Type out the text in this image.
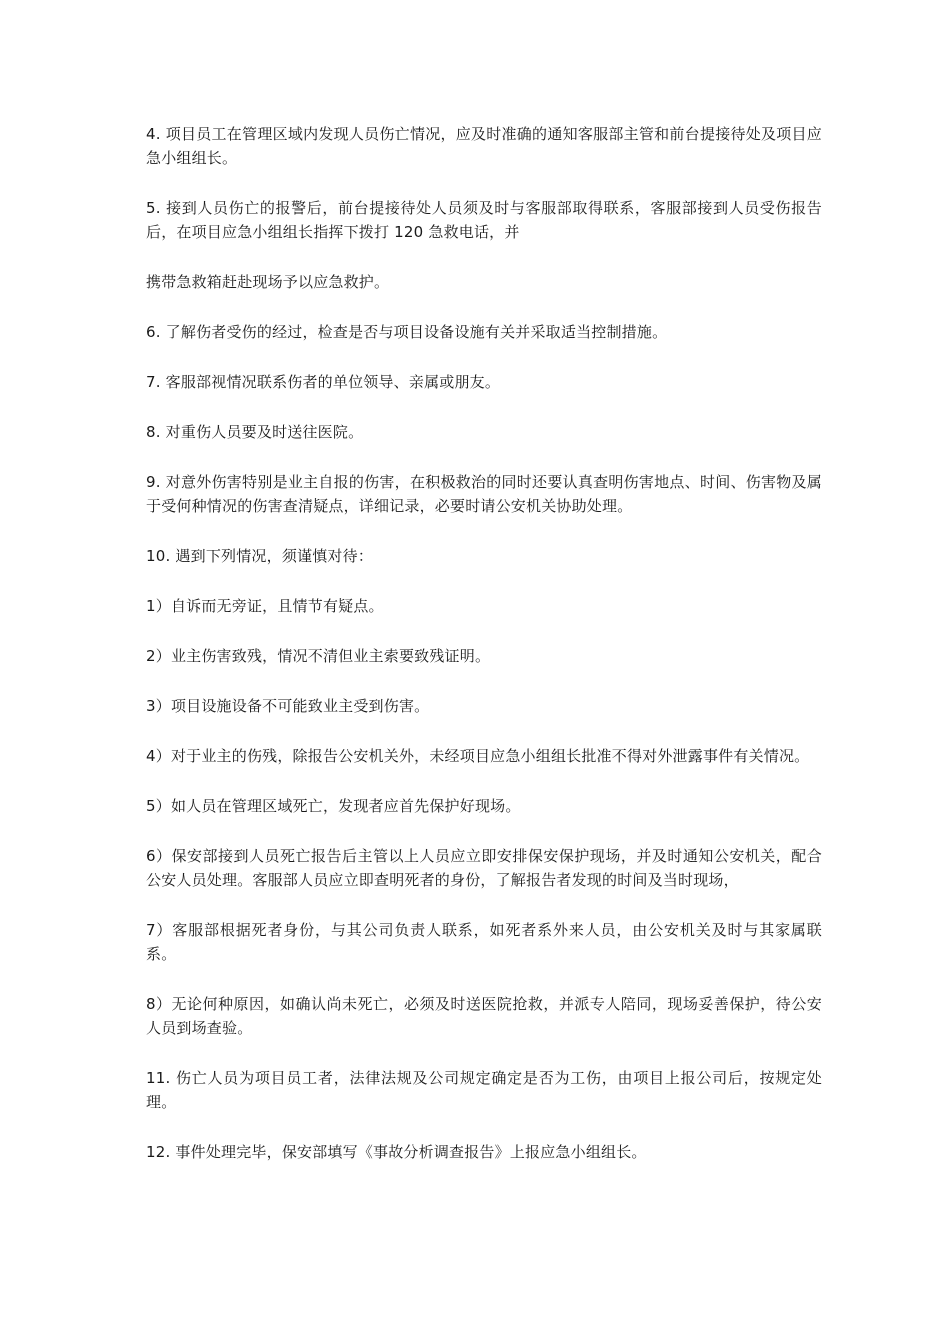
4. 项目员工在管理区域内发现人员伤亡情况，应及时准确的通知客服部主管和前台提接待处及项目应急小组组长。

5. 接到人员伤亡的报警后，前台提接待处人员须及时与客服部取得联系，客服部接到人员受伤报告后，在项目应急小组组长指挥下拨打 120 急救电话，并

携带急救箱赶赴现场予以应急救护。

6. 了解伤者受伤的经过，检查是否与项目设备设施有关并采取适当控制措施。

7. 客服部视情况联系伤者的单位领导、亲属或朋友。

8. 对重伤人员要及时送往医院。

9. 对意外伤害特别是业主自报的伤害，在积极救治的同时还要认真查明伤害地点、时间、伤害物及属于受何种情况的伤害查清疑点，详细记录，必要时请公安机关协助处理。

10. 遇到下列情况，须谨慎对待：

1）自诉而无旁证，且情节有疑点。

2）业主伤害致残，情况不清但业主索要致残证明。

3）项目设施设备不可能致业主受到伤害。

4）对于业主的伤残，除报告公安机关外，未经项目应急小组组长批准不得对外泄露事件有关情况。

5）如人员在管理区域死亡，发现者应首先保护好现场。

6）保安部接到人员死亡报告后主管以上人员应立即安排保安保护现场，并及时通知公安机关，配合公安人员处理。客服部人员应立即查明死者的身份，了解报告者发现的时间及当时现场，

7）客服部根据死者身份，与其公司负责人联系，如死者系外来人员，由公安机关及时与其家属联系。

8）无论何种原因，如确认尚未死亡，必须及时送医院抢救，并派专人陪同，现场妥善保护，待公安人员到场查验。

11. 伤亡人员为项目员工者，法律法规及公司规定确定是否为工伤，由项目上报公司后，按规定处理。

12. 事件处理完毕，保安部填写《事故分析调查报告》上报应急小组组长。
